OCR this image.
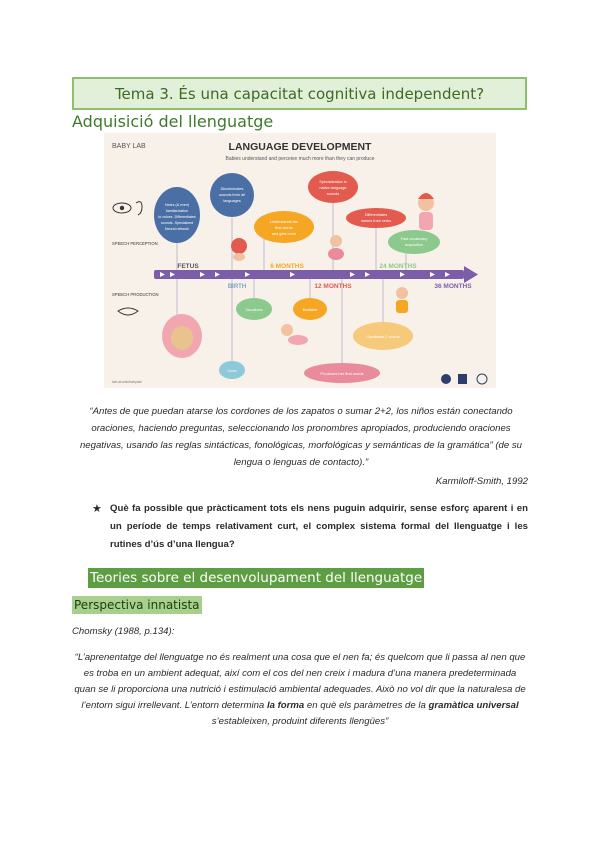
Tema 3. És una capacitat cognitiva independent?
Adquisició del llenguatge
BABY LAB	LANGUAGE DEVELOPMENT
Babies understand and perceive much more than they can produce
SPEECH PERCEPTION
SPEECH PRODUCTION
Hears (& even)
familiarization
to voices -Differentiates
sounds -Specialized
Neural network
Discriminates
sounds from all
languages
Understands the
first words
and gets more
Specialization in
native-language
sounds
Differentiates
names from verbs
Fast vocabulary
acquisition
FETUS
BIRTH
6 MONTHS
12 MONTHS
24 MONTHS
36 MONTHS
Vocalizes	Babbles
Cries
Produces her first words
Combines 2 words
lab.ub.edu/babylab
“Antes de que puedan atarse los cordones de los zapatos o sumar 2+2, los niños están conectando oraciones, haciendo preguntas, seleccionando los pronombres apropiados, produciendo oraciones negativas, usando las reglas sintácticas, fonológicas, morfológicas y semánticas de la gramática” (de su lengua o lenguas de contacto).”
Karmiloff-Smith, 1992
★ Què fa possible que pràcticament tots els nens puguin adquirir, sense esforç aparent i en un període de temps relativament curt, el complex sistema formal del llenguatge i les rutines d’ús d’una llengua?
Teories sobre el desenvolupament del llenguatge
Perspectiva innatista
Chomsky (1988, p.134):
“L’aprenentatge del llenguatge no és realment una cosa que el nen fa; és quelcom que li passa al nen que es troba en un ambient adequat, així com el cos del nen creix i madura d’una manera predeterminada quan se li proporciona una nutrició i estimulació ambiental adequades. Això no vol dir que la naturalesa de l’entorn sigui irrellevant. L’entorn determina la forma en què els paràmetres de la gramàtica universal s’estableixen, produint diferents llengües”
